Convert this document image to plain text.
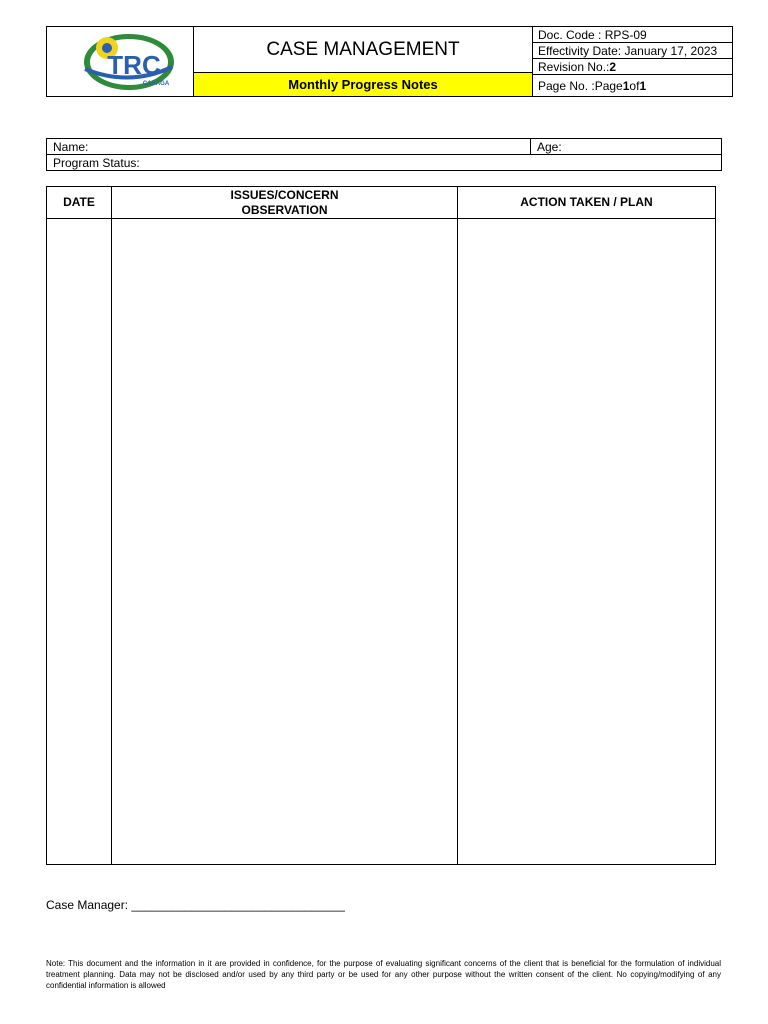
TRC
CARAGA
CASE MANAGEMENT
Monthly Progress Notes
Doc. Code : RPS-09
Effectivity Date: January 17, 2023
Revision No.: 2
Page No. :Page 1 of 1
Name:	Age:
Program Status:
DATE
ISSUES/CONCERN
OBSERVATION
ACTION TAKEN / PLAN
Case Manager: ________________________________
Note: This document and the information in it are provided in confidence, for the purpose of evaluating significant concerns of the client that is beneficial for the formulation of individual treatment planning. Data may not be disclosed and/or used by any third party or be used for any other purpose without the written consent of the client. No copying/modifying of any confidential information is allowed
